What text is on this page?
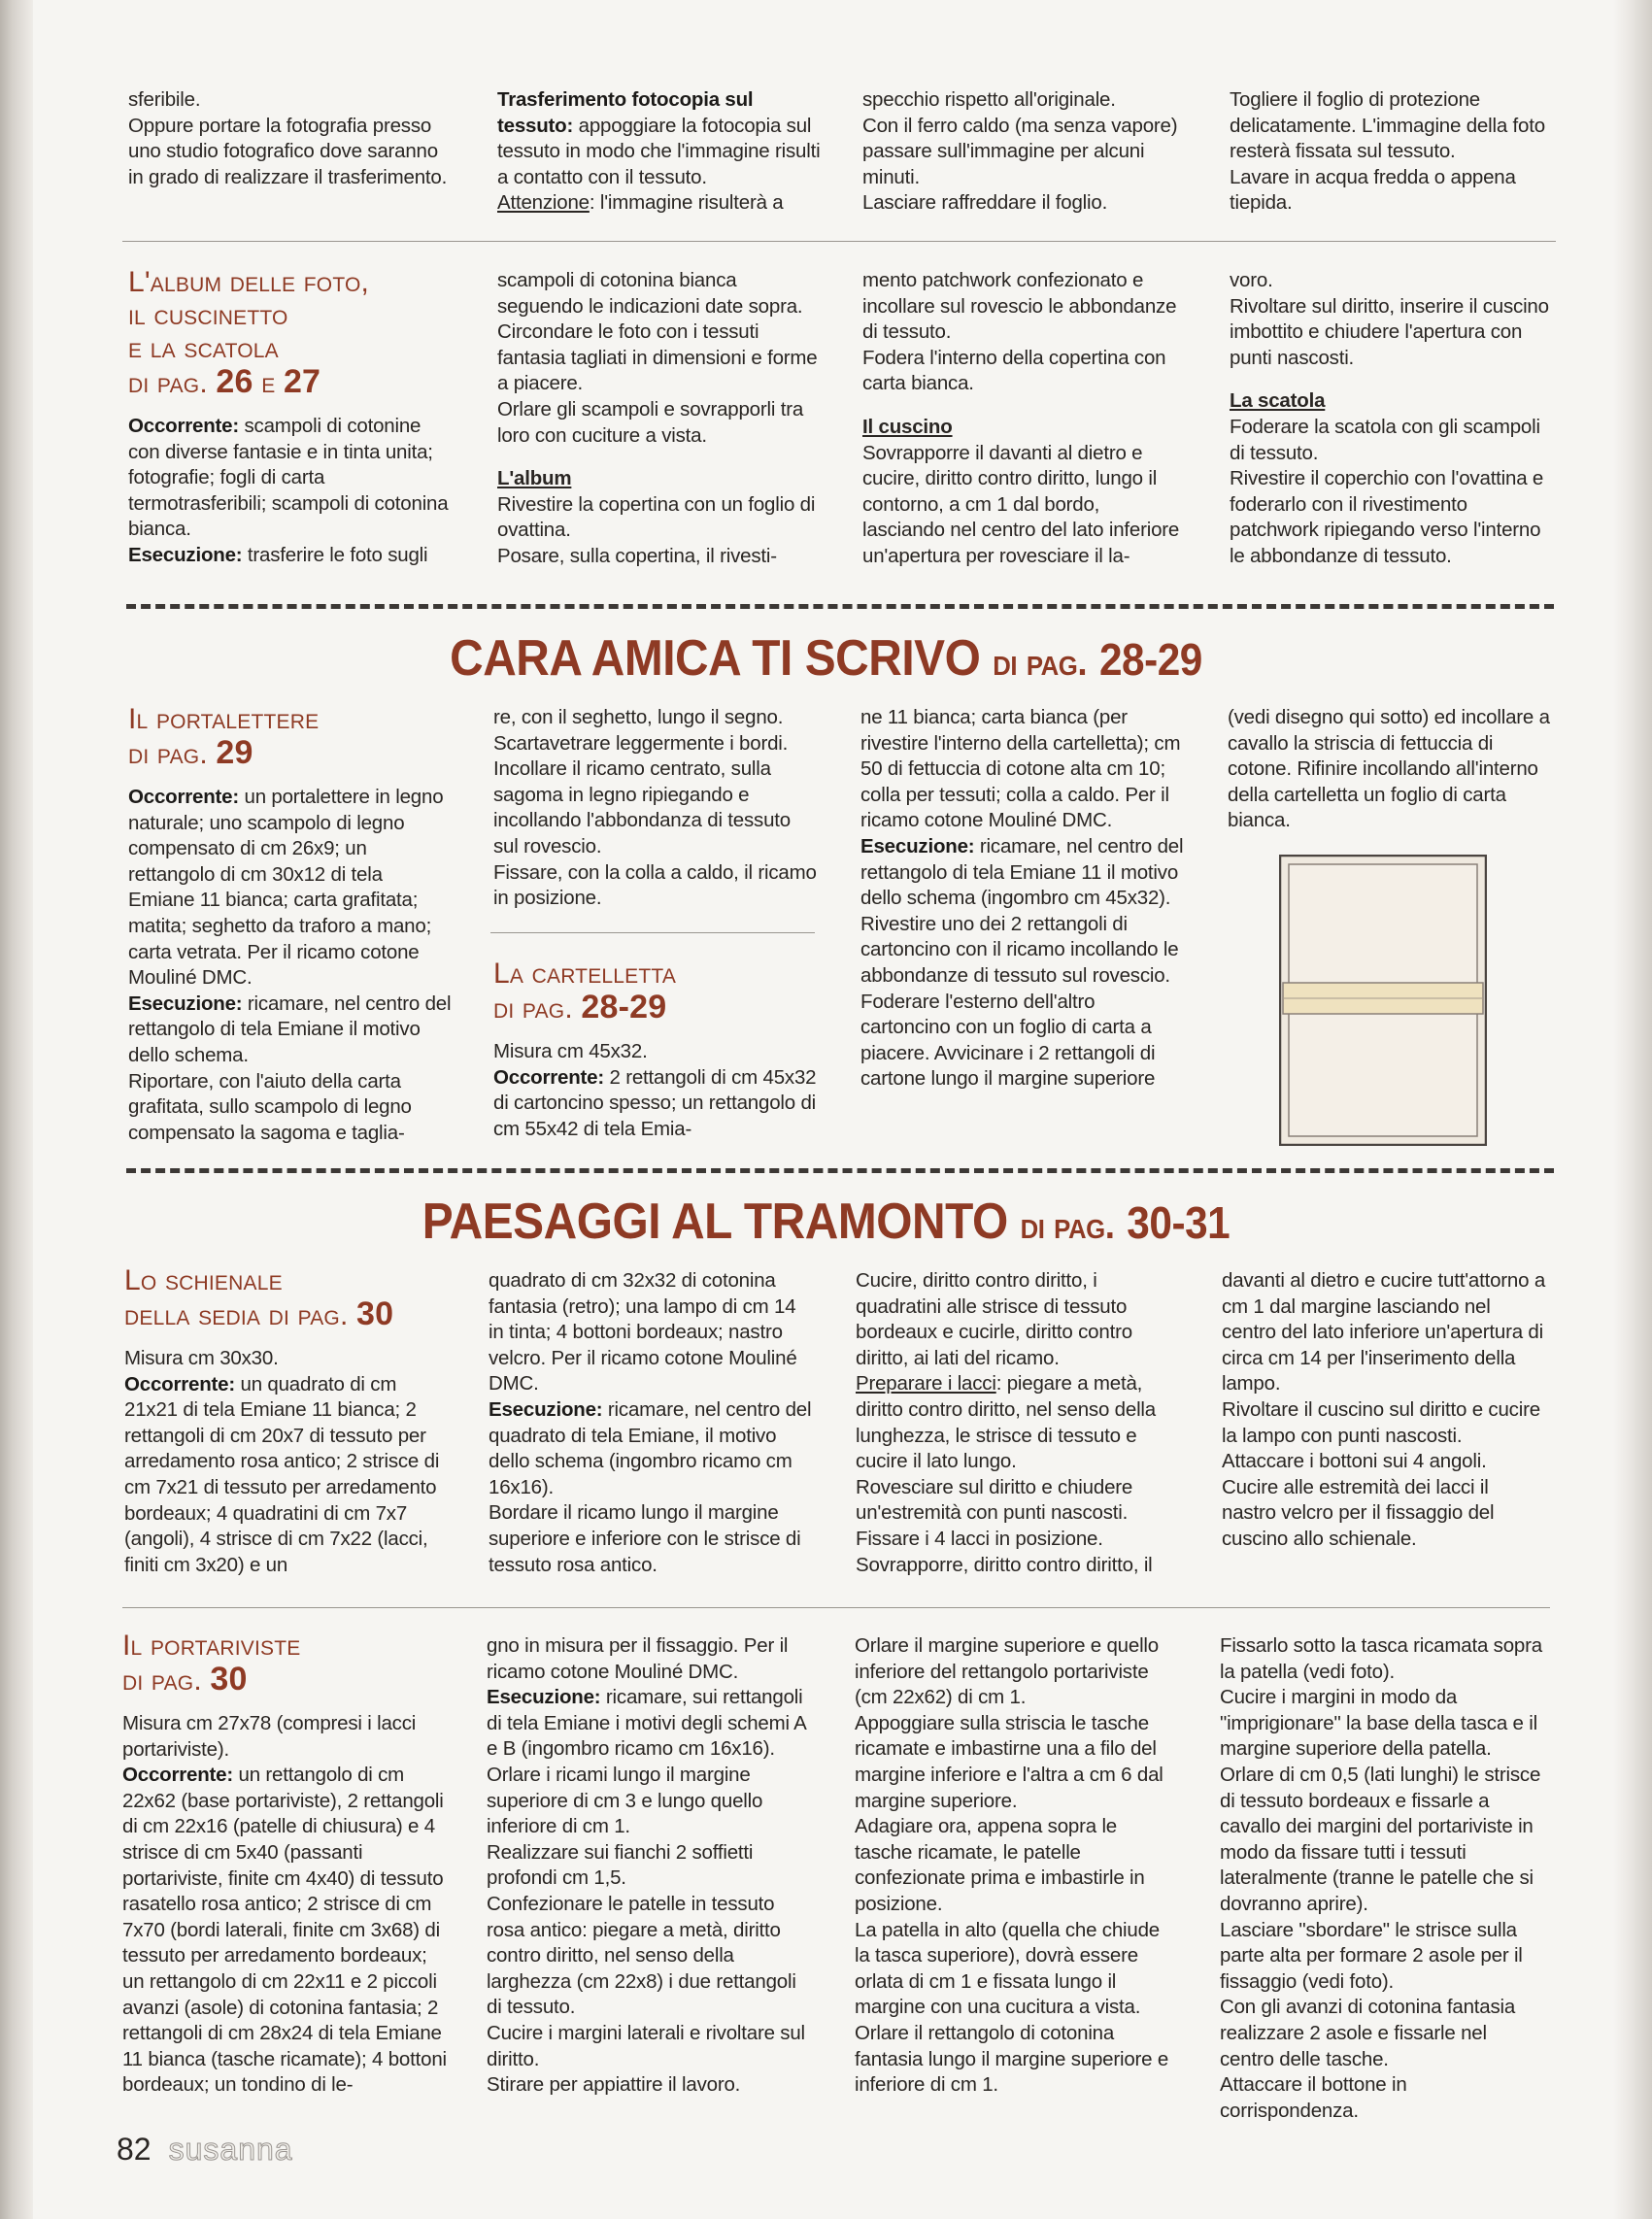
sferibile.

Oppure portare la fotografia presso uno studio fotografico dove saranno in grado di realizzare il trasferimento.

Trasferimento fotocopia sul tessuto: appoggiare la fotocopia sul tessuto in modo che l'immagine risulti a contatto con il tessuto.
Attenzione: l'immagine risulterà a

specchio rispetto all'originale.

Con il ferro caldo (ma senza vapore) passare sull'immagine per alcuni minuti.

Lasciare raffreddare il foglio.

Togliere il foglio di protezione delicatamente. L'immagine della foto resterà fissata sul tessuto.

Lavare in acqua fredda o appena tiepida.

L'album delle foto,
il cuscinetto
e la scatola
di pag. 26 e 27

Occorrente: scampoli di cotonine con diverse fantasie e in tinta unita; fotografie; fogli di carta termotrasferibili; scampoli di cotonina bianca.

Esecuzione: trasferire le foto sugli

scampoli di cotonina bianca seguendo le indicazioni date sopra.

Circondare le foto con i tessuti fantasia tagliati in dimensioni e forme a piacere.

Orlare gli scampoli e sovrapporli tra loro con cuciture a vista.

L'album

Rivestire la copertina con un foglio di ovattina.

Posare, sulla copertina, il rivesti-

mento patchwork confezionato e incollare sul rovescio le abbondanze di tessuto.

Fodera l'interno della copertina con carta bianca.

Il cuscino

Sovrapporre il davanti al dietro e cucire, diritto contro diritto, lungo il contorno, a cm 1 dal bordo, lasciando nel centro del lato inferiore un'apertura per rovesciare il la-

voro.

Rivoltare sul diritto, inserire il cuscino imbottito e chiudere l'apertura con punti nascosti.

La scatola

Foderare la scatola con gli scampoli di tessuto.

Rivestire il coperchio con l'ovattina e foderarlo con il rivestimento patchwork ripiegando verso l'interno le abbondanze di tessuto.

CARA AMICA TI SCRIVO di pag. 28-29
Il portalettere
di pag. 29

Occorrente: un portalettere in legno naturale; uno scampolo di legno compensato di cm 26x9; un rettangolo di cm 30x12 di tela Emiane 11 bianca; carta grafitata; matita; seghetto da traforo a mano; carta vetrata. Per il ricamo cotone Mouliné DMC.

Esecuzione: ricamare, nel centro del rettangolo di tela Emiane il motivo dello schema.

Riportare, con l'aiuto della carta grafitata, sullo scampolo di legno compensato la sagoma e taglia-

re, con il seghetto, lungo il segno. Scartavetrare leggermente i bordi. Incollare il ricamo centrato, sulla sagoma in legno ripiegando e incollando l'abbondanza di tessuto sul rovescio.

Fissare, con la colla a caldo, il ricamo in posizione.

La cartelletta
di pag. 28-29

Misura cm 45x32.

Occorrente: 2 rettangoli di cm 45x32 di cartoncino spesso; un rettangolo di cm 55x42 di tela Emia-

ne 11 bianca; carta bianca (per rivestire l'interno della cartelletta); cm 50 di fettuccia di cotone alta cm 10; colla per tessuti; colla a caldo. Per il ricamo cotone Mouliné DMC.

Esecuzione: ricamare, nel centro del rettangolo di tela Emiane 11 il motivo dello schema (ingombro cm 45x32). Rivestire uno dei 2 rettangoli di cartoncino con il ricamo incollando le abbondanze di tessuto sul rovescio.

Foderare l'esterno dell'altro cartoncino con un foglio di carta a piacere. Avvicinare i 2 rettangoli di cartone lungo il margine superiore

(vedi disegno qui sotto) ed incollare a cavallo la striscia di fettuccia di cotone. Rifinire incollando all'interno della cartelletta un foglio di carta bianca.

PAESAGGI AL TRAMONTO di pag. 30-31
Lo schienale
della sedia di pag. 30

Misura cm 30x30.

Occorrente: un quadrato di cm 21x21 di tela Emiane 11 bianca; 2 rettangoli di cm 20x7 di tessuto per arredamento rosa antico; 2 strisce di cm 7x21 di tessuto per arredamento bordeaux; 4 quadratini di cm 7x7 (angoli), 4 strisce di cm 7x22 (lacci, finiti cm 3x20) e un

quadrato di cm 32x32 di cotonina fantasia (retro); una lampo di cm 14 in tinta; 4 bottoni bordeaux; nastro velcro. Per il ricamo cotone Mouliné DMC.

Esecuzione: ricamare, nel centro del quadrato di tela Emiane, il motivo dello schema (ingombro ricamo cm 16x16).

Bordare il ricamo lungo il margine superiore e inferiore con le strisce di tessuto rosa antico.

Cucire, diritto contro diritto, i quadratini alle strisce di tessuto bordeaux e cucirle, diritto contro diritto, ai lati del ricamo.

Preparare i lacci: piegare a metà, diritto contro diritto, nel senso della lunghezza, le strisce di tessuto e cucire il lato lungo.

Rovesciare sul diritto e chiudere un'estremità con punti nascosti.

Fissare i 4 lacci in posizione.

Sovrapporre, diritto contro diritto, il

davanti al dietro e cucire tutt'attorno a cm 1 dal margine lasciando nel centro del lato inferiore un'apertura di circa cm 14 per l'inserimento della lampo.

Rivoltare il cuscino sul diritto e cucire la lampo con punti nascosti.

Attaccare i bottoni sui 4 angoli.

Cucire alle estremità dei lacci il nastro velcro per il fissaggio del cuscino allo schienale.

Il portariviste
di pag. 30

Misura cm 27x78 (compresi i lacci portariviste).

Occorrente: un rettangolo di cm 22x62 (base portariviste), 2 rettangoli di cm 22x16 (patelle di chiusura) e 4 strisce di cm 5x40 (passanti portariviste, finite cm 4x40) di tessuto rasatello rosa antico; 2 strisce di cm 7x70 (bordi laterali, finite cm 3x68) di tessuto per arredamento bordeaux; un rettangolo di cm 22x11 e 2 piccoli avanzi (asole) di cotonina fantasia; 2 rettangoli di cm 28x24 di tela Emiane 11 bianca (tasche ricamate); 4 bottoni bordeaux; un tondino di le-

gno in misura per il fissaggio. Per il ricamo cotone Mouliné DMC.

Esecuzione: ricamare, sui rettangoli di tela Emiane i motivi degli schemi A e B (ingombro ricamo cm 16x16).

Orlare i ricami lungo il margine superiore di cm 3 e lungo quello inferiore di cm 1.

Realizzare sui fianchi 2 soffietti profondi cm 1,5.

Confezionare le patelle in tessuto rosa antico: piegare a metà, diritto contro diritto, nel senso della larghezza (cm 22x8) i due rettangoli di tessuto.

Cucire i margini laterali e rivoltare sul diritto.

Stirare per appiattire il lavoro.

Orlare il margine superiore e quello inferiore del rettangolo portariviste (cm 22x62) di cm 1.

Appoggiare sulla striscia le tasche ricamate e imbastirne una a filo del margine inferiore e l'altra a cm 6 dal margine superiore.

Adagiare ora, appena sopra le tasche ricamate, le patelle confezionate prima e imbastirle in posizione.

La patella in alto (quella che chiude la tasca superiore), dovrà essere orlata di cm 1 e fissata lungo il margine con una cucitura a vista.

Orlare il rettangolo di cotonina fantasia lungo il margine superiore e inferiore di cm 1.

Fissarlo sotto la tasca ricamata sopra la patella (vedi foto).

Cucire i margini in modo da "imprigionare" la base della tasca e il margine superiore della patella.

Orlare di cm 0,5 (lati lunghi) le strisce di tessuto bordeaux e fissarle a cavallo dei margini del portariviste in modo da fissare tutti i tessuti lateralmente (tranne le patelle che si dovranno aprire).

Lasciare "sbordare" le strisce sulla parte alta per formare 2 asole per il fissaggio (vedi foto).

Con gli avanzi di cotonina fantasia realizzare 2 asole e fissarle nel centro delle tasche.

Attaccare il bottone in corrispondenza.

82 susanna
